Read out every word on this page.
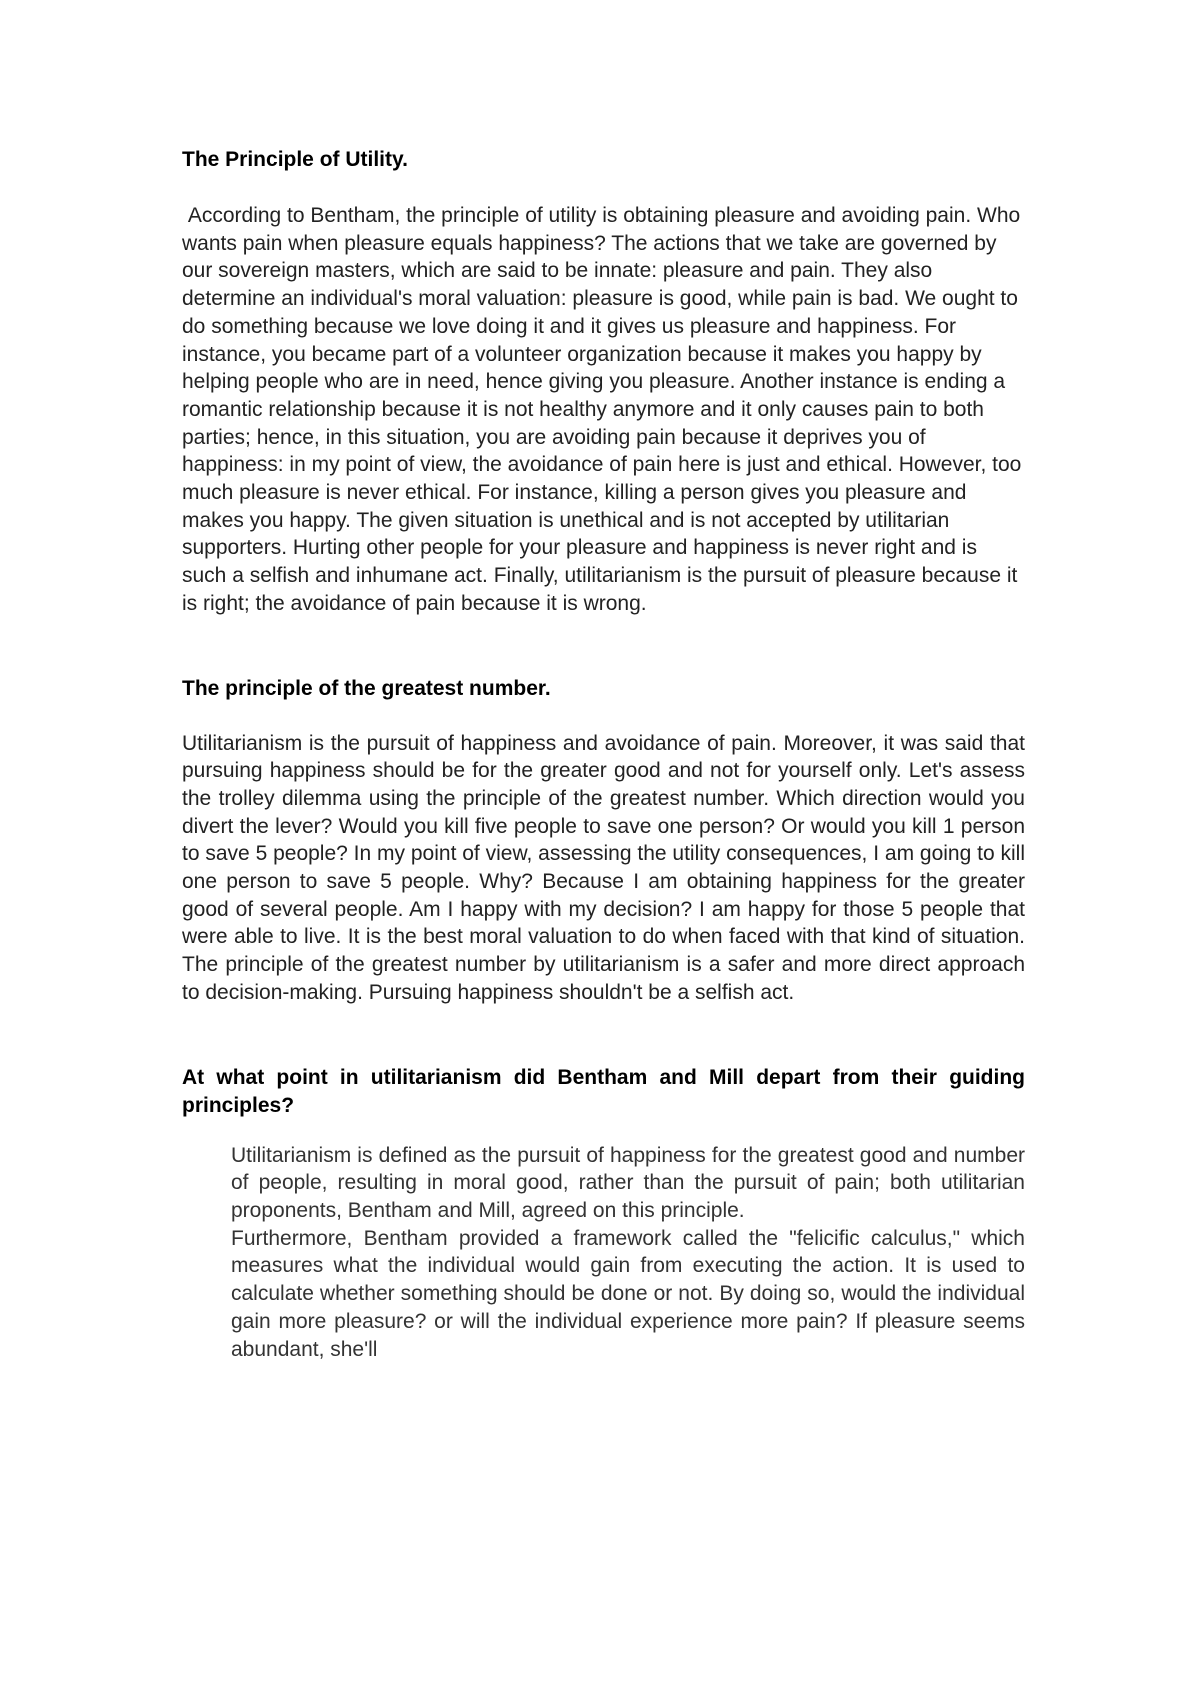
The Principle of Utility.

According to Bentham, the principle of utility is obtaining pleasure and avoiding pain. Who wants pain when pleasure equals happiness? The actions that we take are governed by our sovereign masters, which are said to be innate: pleasure and pain. They also determine an individual's moral valuation: pleasure is good, while pain is bad. We ought to do something because we love doing it and it gives us pleasure and happiness. For instance, you became part of a volunteer organization because it makes you happy by helping people who are in need, hence giving you pleasure. Another instance is ending a romantic relationship because it is not healthy anymore and it only causes pain to both parties; hence, in this situation, you are avoiding pain because it deprives you of happiness: in my point of view, the avoidance of pain here is just and ethical. However, too much pleasure is never ethical. For instance, killing a person gives you pleasure and makes you happy. The given situation is unethical and is not accepted by utilitarian supporters. Hurting other people for your pleasure and happiness is never right and is such a selfish and inhumane act. Finally, utilitarianism is the pursuit of pleasure because it is right; the avoidance of pain because it is wrong.

The principle of the greatest number.

Utilitarianism is the pursuit of happiness and avoidance of pain. Moreover, it was said that pursuing happiness should be for the greater good and not for yourself only. Let's assess the trolley dilemma using the principle of the greatest number. Which direction would you divert the lever? Would you kill five people to save one person? Or would you kill 1 person to save 5 people? In my point of view, assessing the utility consequences, I am going to kill one person to save 5 people. Why? Because I am obtaining happiness for the greater good of several people. Am I happy with my decision? I am happy for those 5 people that were able to live. It is the best moral valuation to do when faced with that kind of situation. The principle of the greatest number by utilitarianism is a safer and more direct approach to decision-making. Pursuing happiness shouldn't be a selfish act.

At what point in utilitarianism did Bentham and Mill depart from their guiding principles?

Utilitarianism is defined as the pursuit of happiness for the greatest good and number of people, resulting in moral good, rather than the pursuit of pain; both utilitarian proponents, Bentham and Mill, agreed on this principle.

Furthermore, Bentham provided a framework called the "felicific calculus," which measures what the individual would gain from executing the action. It is used to calculate whether something should be done or not. By doing so, would the individual gain more pleasure? or will the individual experience more pain? If pleasure seems abundant, she'll
